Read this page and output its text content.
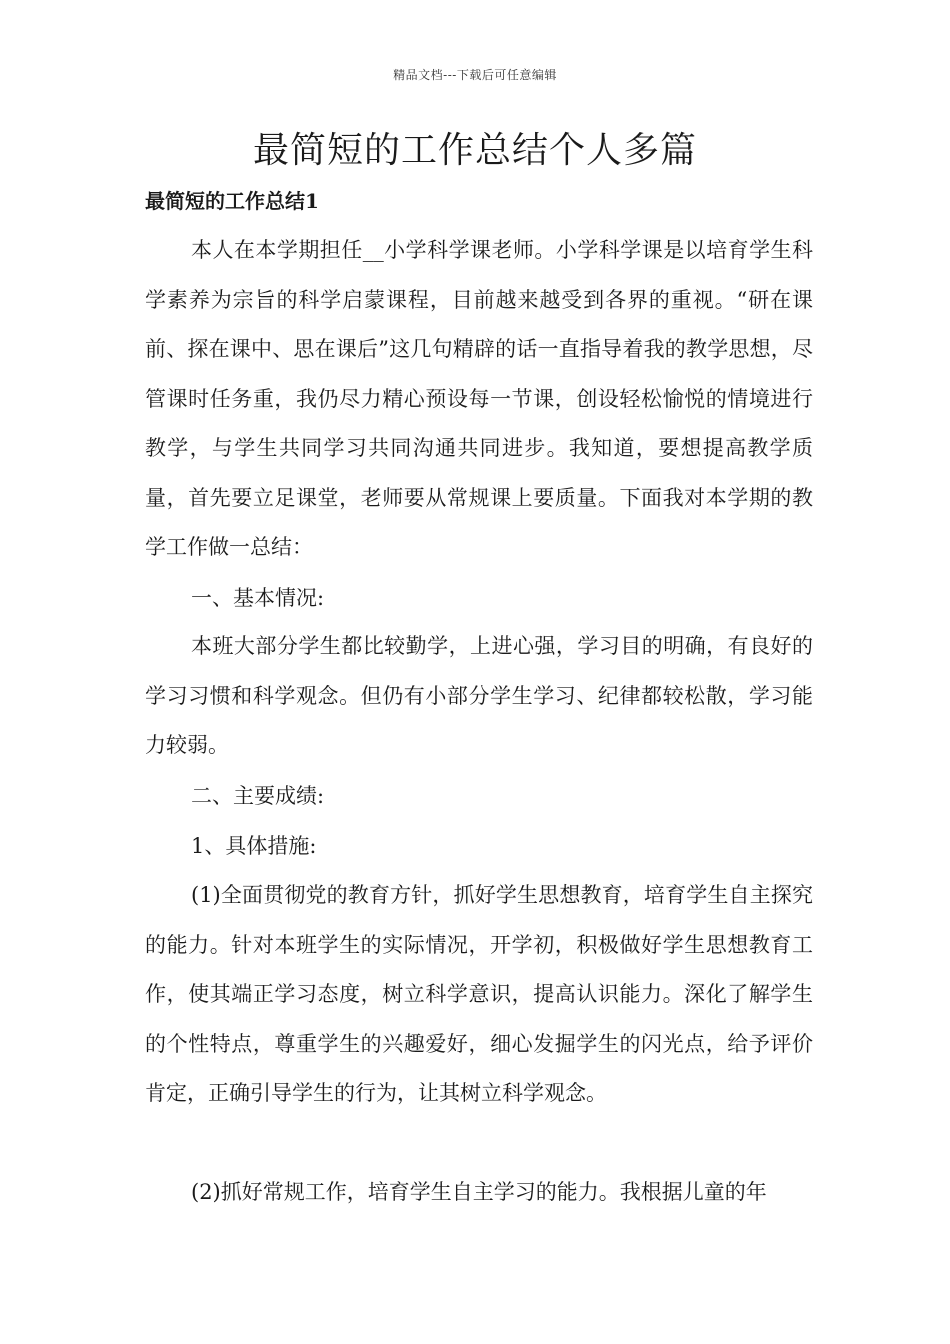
精品文档---下载后可任意编辑
最简短的工作总结个人多篇
最简短的工作总结1

本人在本学期担任__小学科学课老师。小学科学课是以培育学生科学素养为宗旨的科学启蒙课程，目前越来越受到各界的重视。“研在课前、探在课中、思在课后”这几句精辟的话一直指导着我的教学思想，尽管课时任务重，我仍尽力精心预设每一节课，创设轻松愉悦的情境进行教学，与学生共同学习共同沟通共同进步。我知道，要想提高教学质量，首先要立足课堂，老师要从常规课上要质量。下面我对本学期的教学工作做一总结：

一、基本情况:

本班大部分学生都比较勤学，上进心强，学习目的明确，有良好的学习习惯和科学观念。但仍有小部分学生学习、纪律都较松散，学习能力较弱。

二、主要成绩:

1、具体措施:

(1)全面贯彻党的教育方针，抓好学生思想教育，培育学生自主探究的能力。针对本班学生的实际情况，开学初，积极做好学生思想教育工作，使其端正学习态度，树立科学意识，提高认识能力。深化了解学生的个性特点，尊重学生的兴趣爱好，细心发掘学生的闪光点，给予评价肯定，正确引导学生的行为，让其树立科学观念。

(2)抓好常规工作，培育学生自主学习的能力。我根据儿童的年
